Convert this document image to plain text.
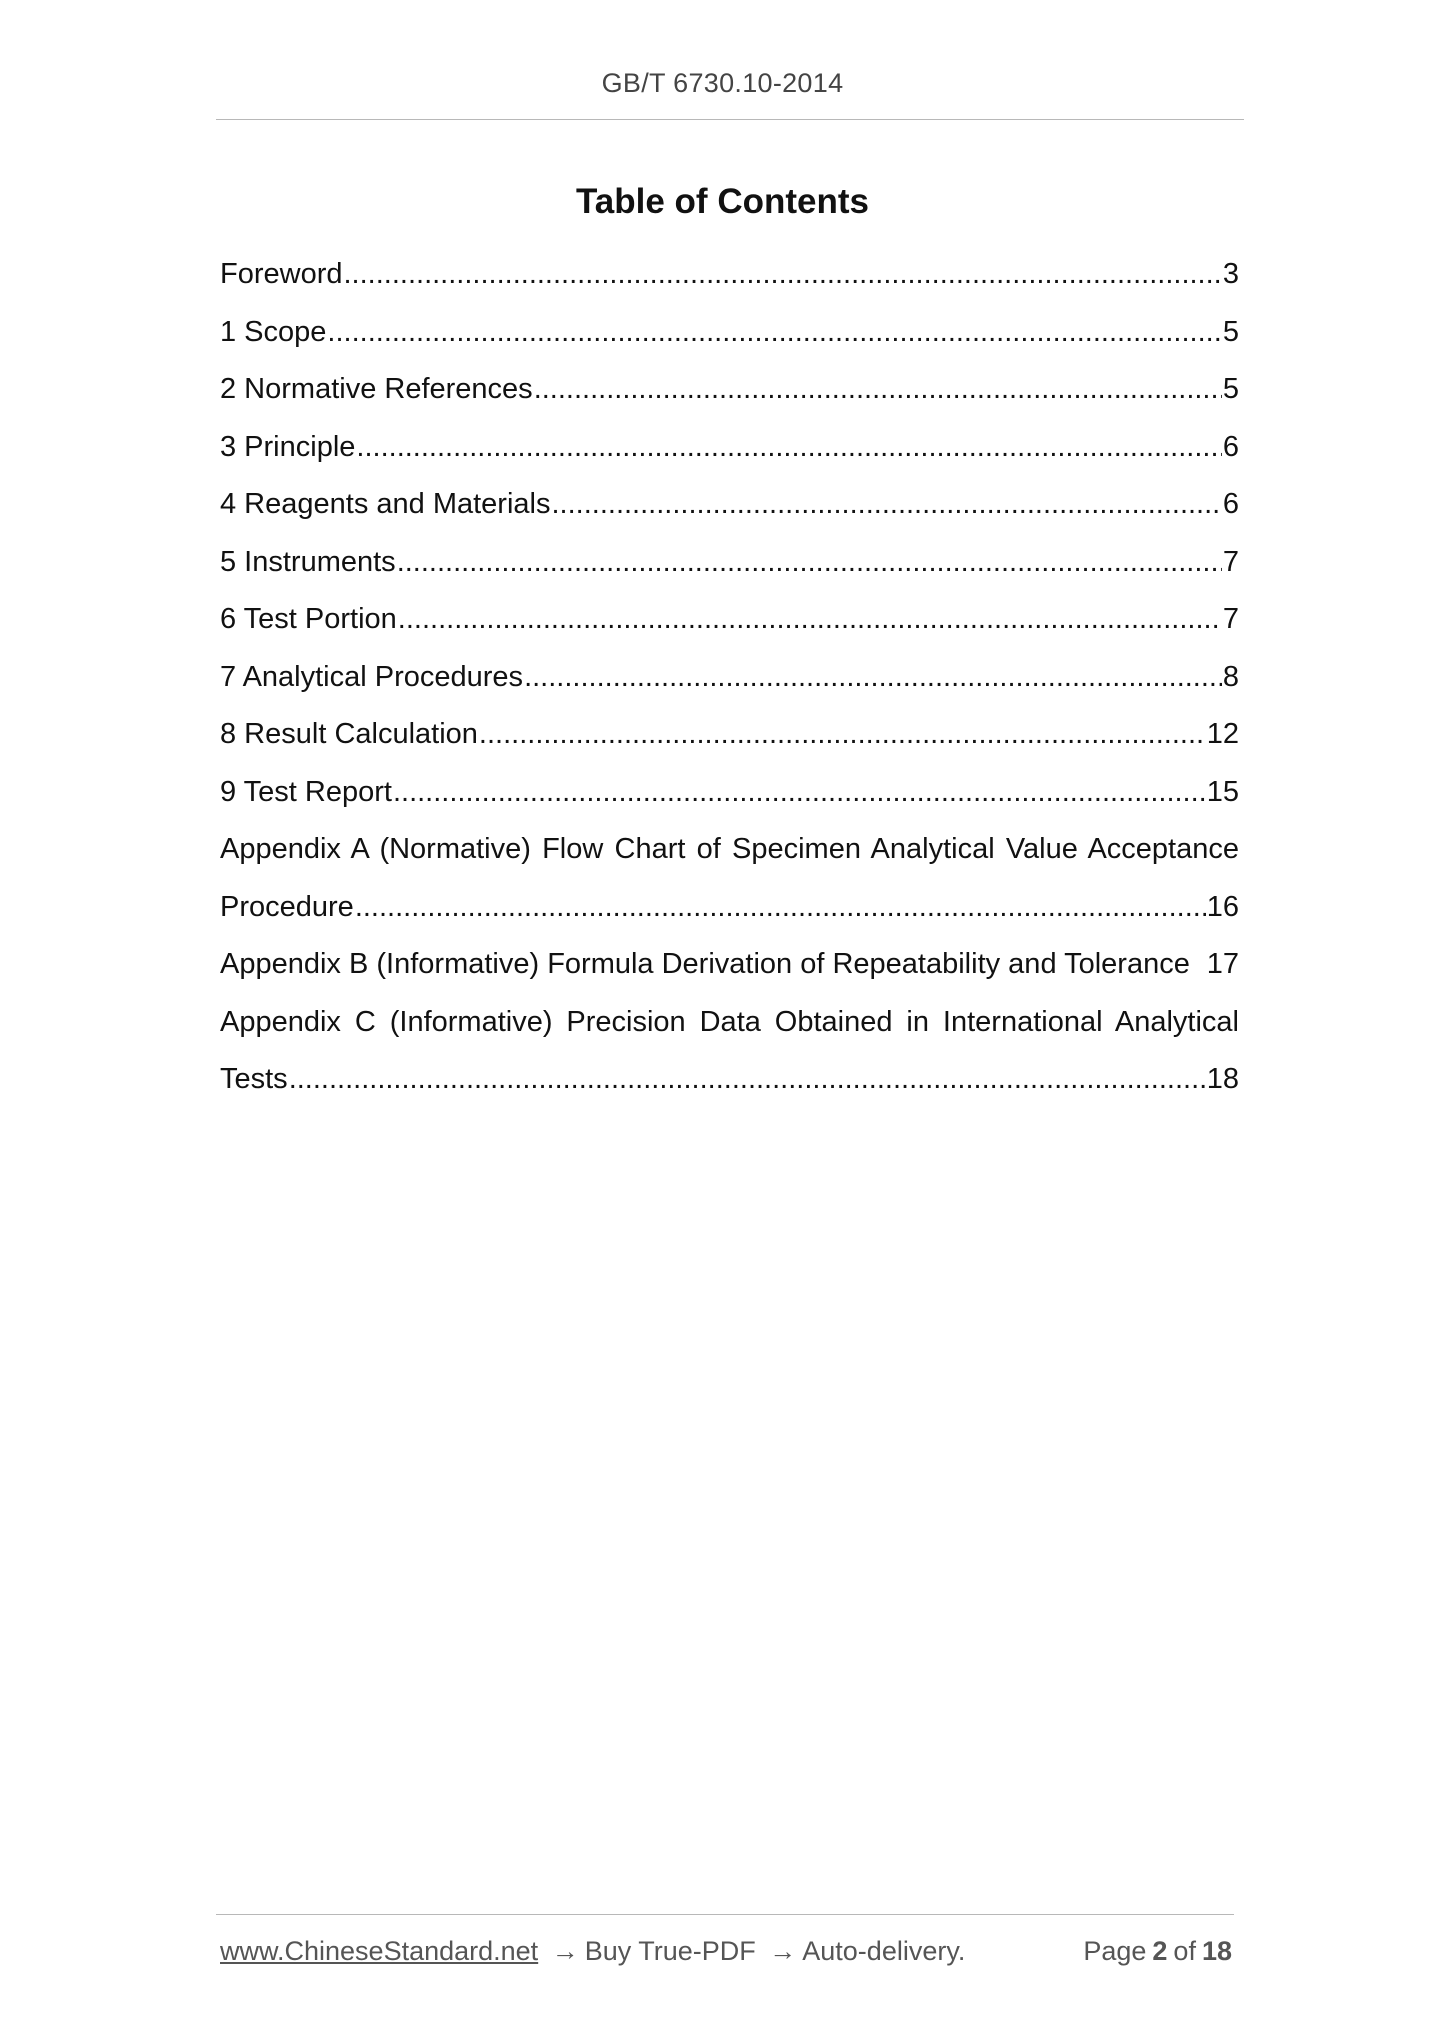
GB/T 6730.10-2014
Table of Contents
Foreword .....	3
1 Scope .....	5
2 Normative References .....	5
3 Principle .....	6
4 Reagents and Materials .....	6
5 Instruments .....	7
6 Test Portion .....	7
7 Analytical Procedures .....	8
8 Result Calculation .....	12
9 Test Report .....	15
Appendix A (Normative) Flow Chart of Specimen Analytical Value Acceptance
Procedure .....	16
Appendix B (Informative) Formula Derivation of Repeatability and Tolerance 17
Appendix C (Informative) Precision Data Obtained in International Analytical
Tests .....	18
www.ChineseStandard.net → Buy True-PDF → Auto-delivery.	Page 2 of 18
